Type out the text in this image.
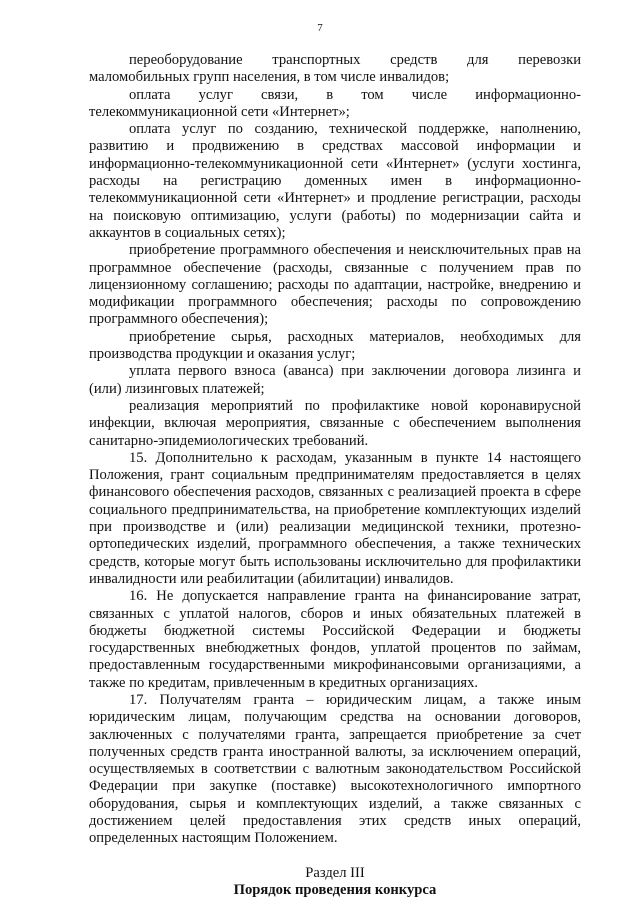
7

переоборудование транспортных средств для перевозки маломобильных групп населения, в том числе инвалидов;

оплата услуг связи, в том числе информационно-телекоммуникационной сети «Интернет»;

оплата услуг по созданию, технической поддержке, наполнению, развитию и продвижению в средствах массовой информации и информационно-телекоммуникационной сети «Интернет» (услуги хостинга, расходы на регистрацию доменных имен в информационно-телекоммуникационной сети «Интернет» и продление регистрации, расходы на поисковую оптимизацию, услуги (работы) по модернизации сайта и аккаунтов в социальных сетях);

приобретение программного обеспечения и неисключительных прав на программное обеспечение (расходы, связанные с получением прав по лицензионному соглашению; расходы по адаптации, настройке, внедрению и модификации программного обеспечения; расходы по сопровождению программного обеспечения);

приобретение сырья, расходных материалов, необходимых для производства продукции и оказания услуг;

уплата первого взноса (аванса) при заключении договора лизинга и (или) лизинговых платежей;

реализация мероприятий по профилактике новой коронавирусной инфекции, включая мероприятия, связанные с обеспечением выполнения санитарно-эпидемиологических требований.

15. Дополнительно к расходам, указанным в пункте 14 настоящего Положения, грант социальным предпринимателям предоставляется в целях финансового обеспечения расходов, связанных с реализацией проекта в сфере социального предпринимательства, на приобретение комплектующих изделий при производстве и (или) реализации медицинской техники, протезно-ортопедических изделий, программного обеспечения, а также технических средств, которые могут быть использованы исключительно для профилактики инвалидности или реабилитации (абилитации) инвалидов.

16. Не допускается направление гранта на финансирование затрат, связанных с уплатой налогов, сборов и иных обязательных платежей в бюджеты бюджетной системы Российской Федерации и бюджеты государственных внебюджетных фондов, уплатой процентов по займам, предоставленным государственными микрофинансовыми организациями, а также по кредитам, привлеченным в кредитных организациях.

17. Получателям гранта – юридическим лицам, а также иным юридическим лицам, получающим средства на основании договоров, заключенных с получателями гранта, запрещается приобретение за счет полученных средств гранта иностранной валюты, за исключением операций, осуществляемых в соответствии с валютным законодательством Российской Федерации при закупке (поставке) высокотехнологичного импортного оборудования, сырья и комплектующих изделий, а также связанных с достижением целей предоставления этих средств иных операций, определенных настоящим Положением.

Раздел III
Порядок проведения конкурса
